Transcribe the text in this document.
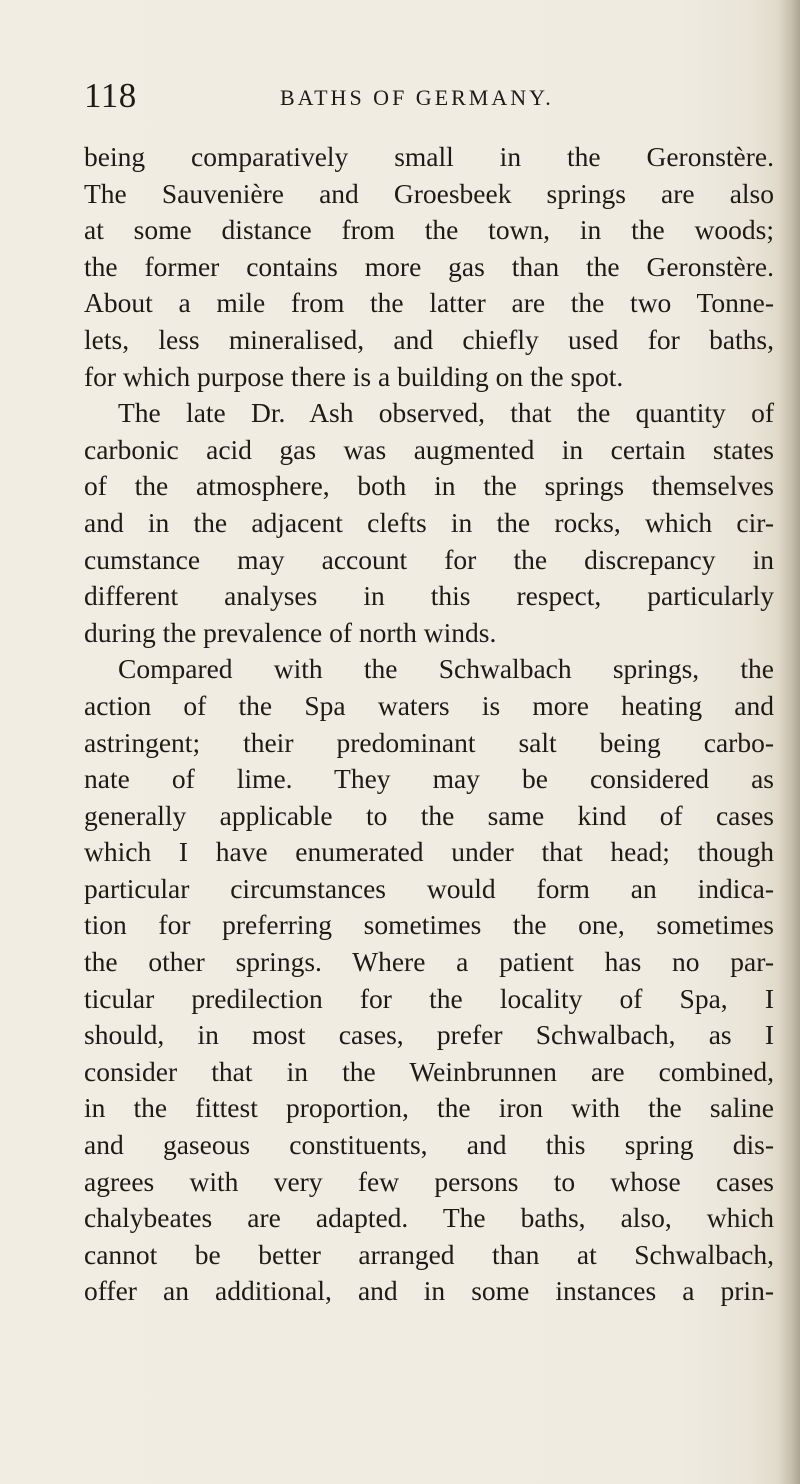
118	BATHS OF GERMANY.
being comparatively small in the Geronstère.
The Sauvenière and Groesbeek springs are also
at some distance from the town, in the woods;
the former contains more gas than the Geronstère.
About a mile from the latter are the two Tonne-
lets, less mineralised, and chiefly used for baths,
for which purpose there is a building on the spot.
The late Dr. Ash observed, that the quantity of
carbonic acid gas was augmented in certain states
of the atmosphere, both in the springs themselves
and in the adjacent clefts in the rocks, which cir-
cumstance may account for the discrepancy in
different analyses in this respect, particularly
during the prevalence of north winds.
Compared with the Schwalbach springs, the
action of the Spa waters is more heating and
astringent; their predominant salt being carbo-
nate of lime. They may be considered as
generally applicable to the same kind of cases
which I have enumerated under that head; though
particular circumstances would form an indica-
tion for preferring sometimes the one, sometimes
the other springs. Where a patient has no par-
ticular predilection for the locality of Spa, I
should, in most cases, prefer Schwalbach, as I
consider that in the Weinbrunnen are combined,
in the fittest proportion, the iron with the saline
and gaseous constituents, and this spring dis-
agrees with very few persons to whose cases
chalybeates are adapted. The baths, also, which
cannot be better arranged than at Schwalbach,
offer an additional, and in some instances a prin-
